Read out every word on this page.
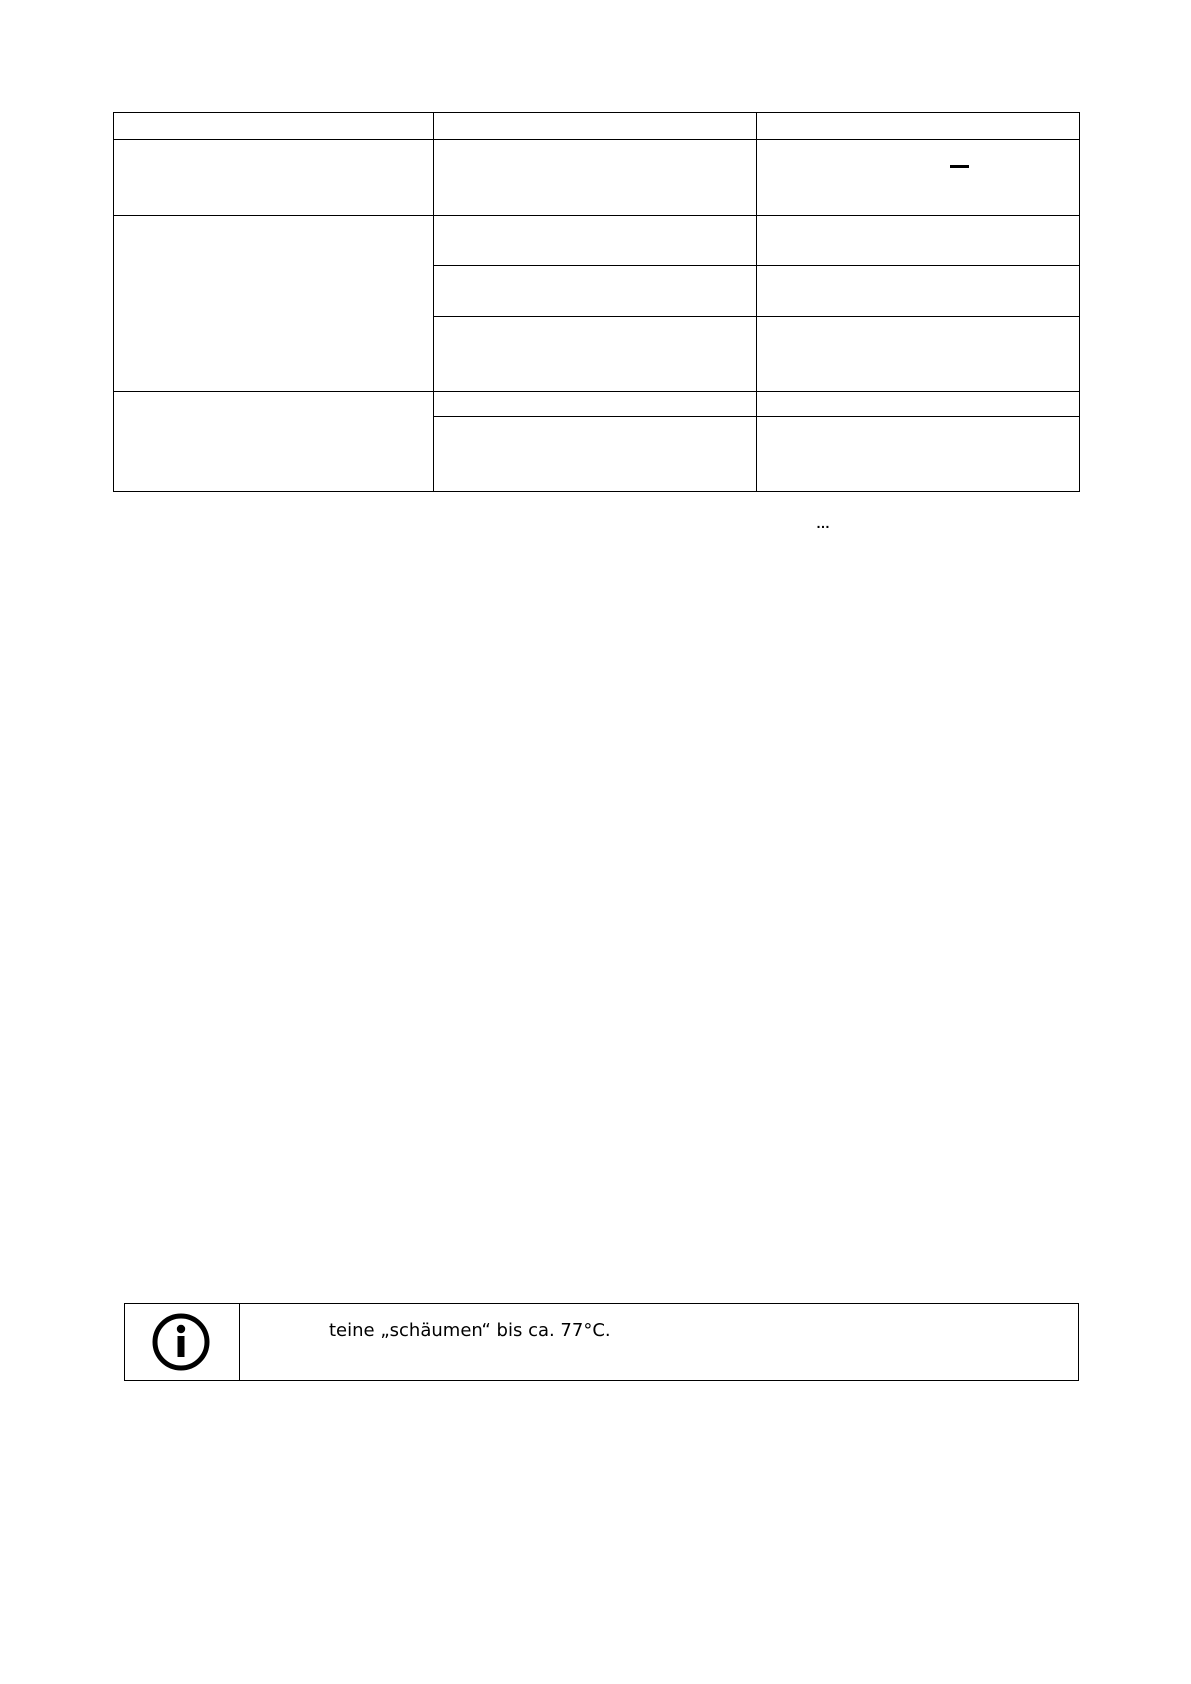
…
teine „schäumen“ bis ca. 77°C.
